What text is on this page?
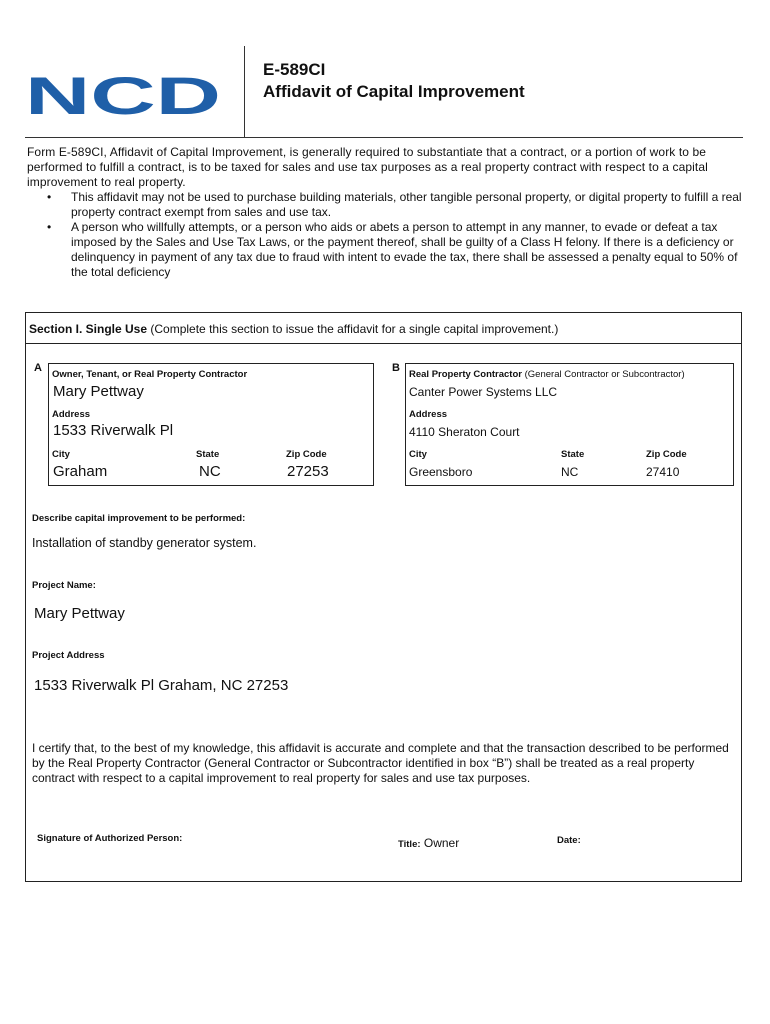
NCD E-589CI
Affidavit of Capital Improvement
Form E-589CI, Affidavit of Capital Improvement, is generally required to substantiate that a contract, or a portion of work to be performed to fulfill a contract, is to be taxed for sales and use tax purposes as a real property contract with respect to a capital improvement to real property.
• This affidavit may not be used to purchase building materials, other tangible personal property, or digital property to fulfill a real property contract exempt from sales and use tax.
• A person who willfully attempts, or a person who aids or abets a person to attempt in any manner, to evade or defeat a tax imposed by the Sales and Use Tax Laws, or the payment thereof, shall be guilty of a Class H felony. If there is a deficiency or delinquency in payment of any tax due to fraud with intent to evade the tax, there shall be assessed a penalty equal to 50% of the total deficiency
Section I. Single Use (Complete this section to issue the affidavit for a single capital improvement.)
A
Owner, Tenant, or Real Property Contractor
Mary Pettway
Address
1533 Riverwalk Pl
City	State	Zip Code
Graham	NC	27253
B
Real Property Contractor (General Contractor or Subcontractor)
Canter Power Systems LLC
Address
4110 Sheraton Court
City	State	Zip Code
Greensboro	NC	27410
Describe capital improvement to be performed:
Installation of standby generator system.
Project Name:
Mary Pettway
Project Address
1533 Riverwalk Pl Graham, NC 27253
I certify that, to the best of my knowledge, this affidavit is accurate and complete and that the transaction described to be performed by the Real Property Contractor (General Contractor or Subcontractor identified in box “B”) shall be treated as a real property contract with respect to a capital improvement to real property for sales and use tax purposes.
Signature of Authorized Person:
Title: Owner	Date:
